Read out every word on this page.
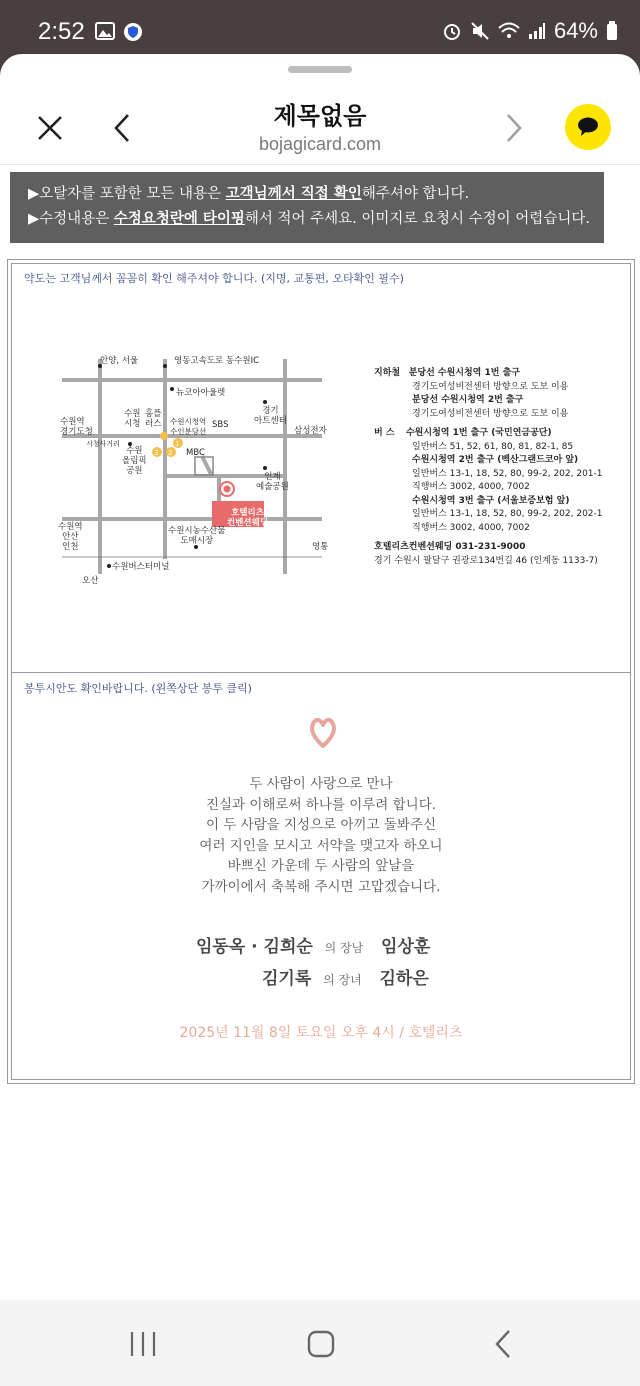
2:52	64%
제목없음
bojagicard.com
▶오탈자를 포함한 모든 내용은 고객님께서 직접 확인해주셔야 합니다.
▶수정내용은 수정요청란에 타이핑해서 적어 주세요. 이미지로 요청시 수정이 어렵습니다.
약도는 고객님께서 꼼꼼히 확인 해주셔야 합니다. (지명, 교통편, 오타확인 필수)
안양, 서울	영동고속도로 동수원IC
뉴코아아울렛
수원역
경기도청
시청사거리
수원
시청
홈플
러스 수원시청역
수인분당선
SBS
경기
아트센터
삼성전자
MBC
수원
올림픽
공원
인계
예술공원
호텔리츠
컨벤션웨딩
수원역
안산
인천
수원시농수산물
도매시장
영통
수원버스터미널
오산
1
2
3
지하철 분당선 수원시청역 1번 출구
경기도여성비전센터 방향으로 도보 이용
분당선 수원시청역 2번 출구
경기도여성비전센터 방향으로 도보 이용
버 스 수원시청역 1번 출구 (국민연금공단)
일반버스 51, 52, 61, 80, 81, 82-1, 85
수원시청역 2번 출구 (벡산그랜드코아 앞)
일반버스 13-1, 18, 52, 80, 99-2, 202, 201-1
직행버스 3002, 4000, 7002
수원시청역 3번 출구 (서울보증보험 앞)
일반버스 13-1, 18, 52, 80, 99-2, 202, 202-1
직행버스 3002, 4000, 7002
호텔리츠컨벤션웨딩 031-231-9000
경기 수원시 팔달구 권광로134번길 46 (인계동 1133-7)
봉투시안도 확인바랍니다. (왼쪽상단 봉투 클릭)
두 사람이 사랑으로 만나
진실과 이해로써 하나를 이루려 합니다.
이 두 사람을 지성으로 아끼고 돌봐주신
여러 지인을 모시고 서약을 맺고자 하오니
바쁘신 가운데 두 사람의 앞날을
가까이에서 축복해 주시면 고맙겠습니다.
임동옥 · 김희순 의 장남 임상훈
김기록 의 장녀 김하은
2025년 11월 8일 토요일 오후 4시 / 호텔리츠
